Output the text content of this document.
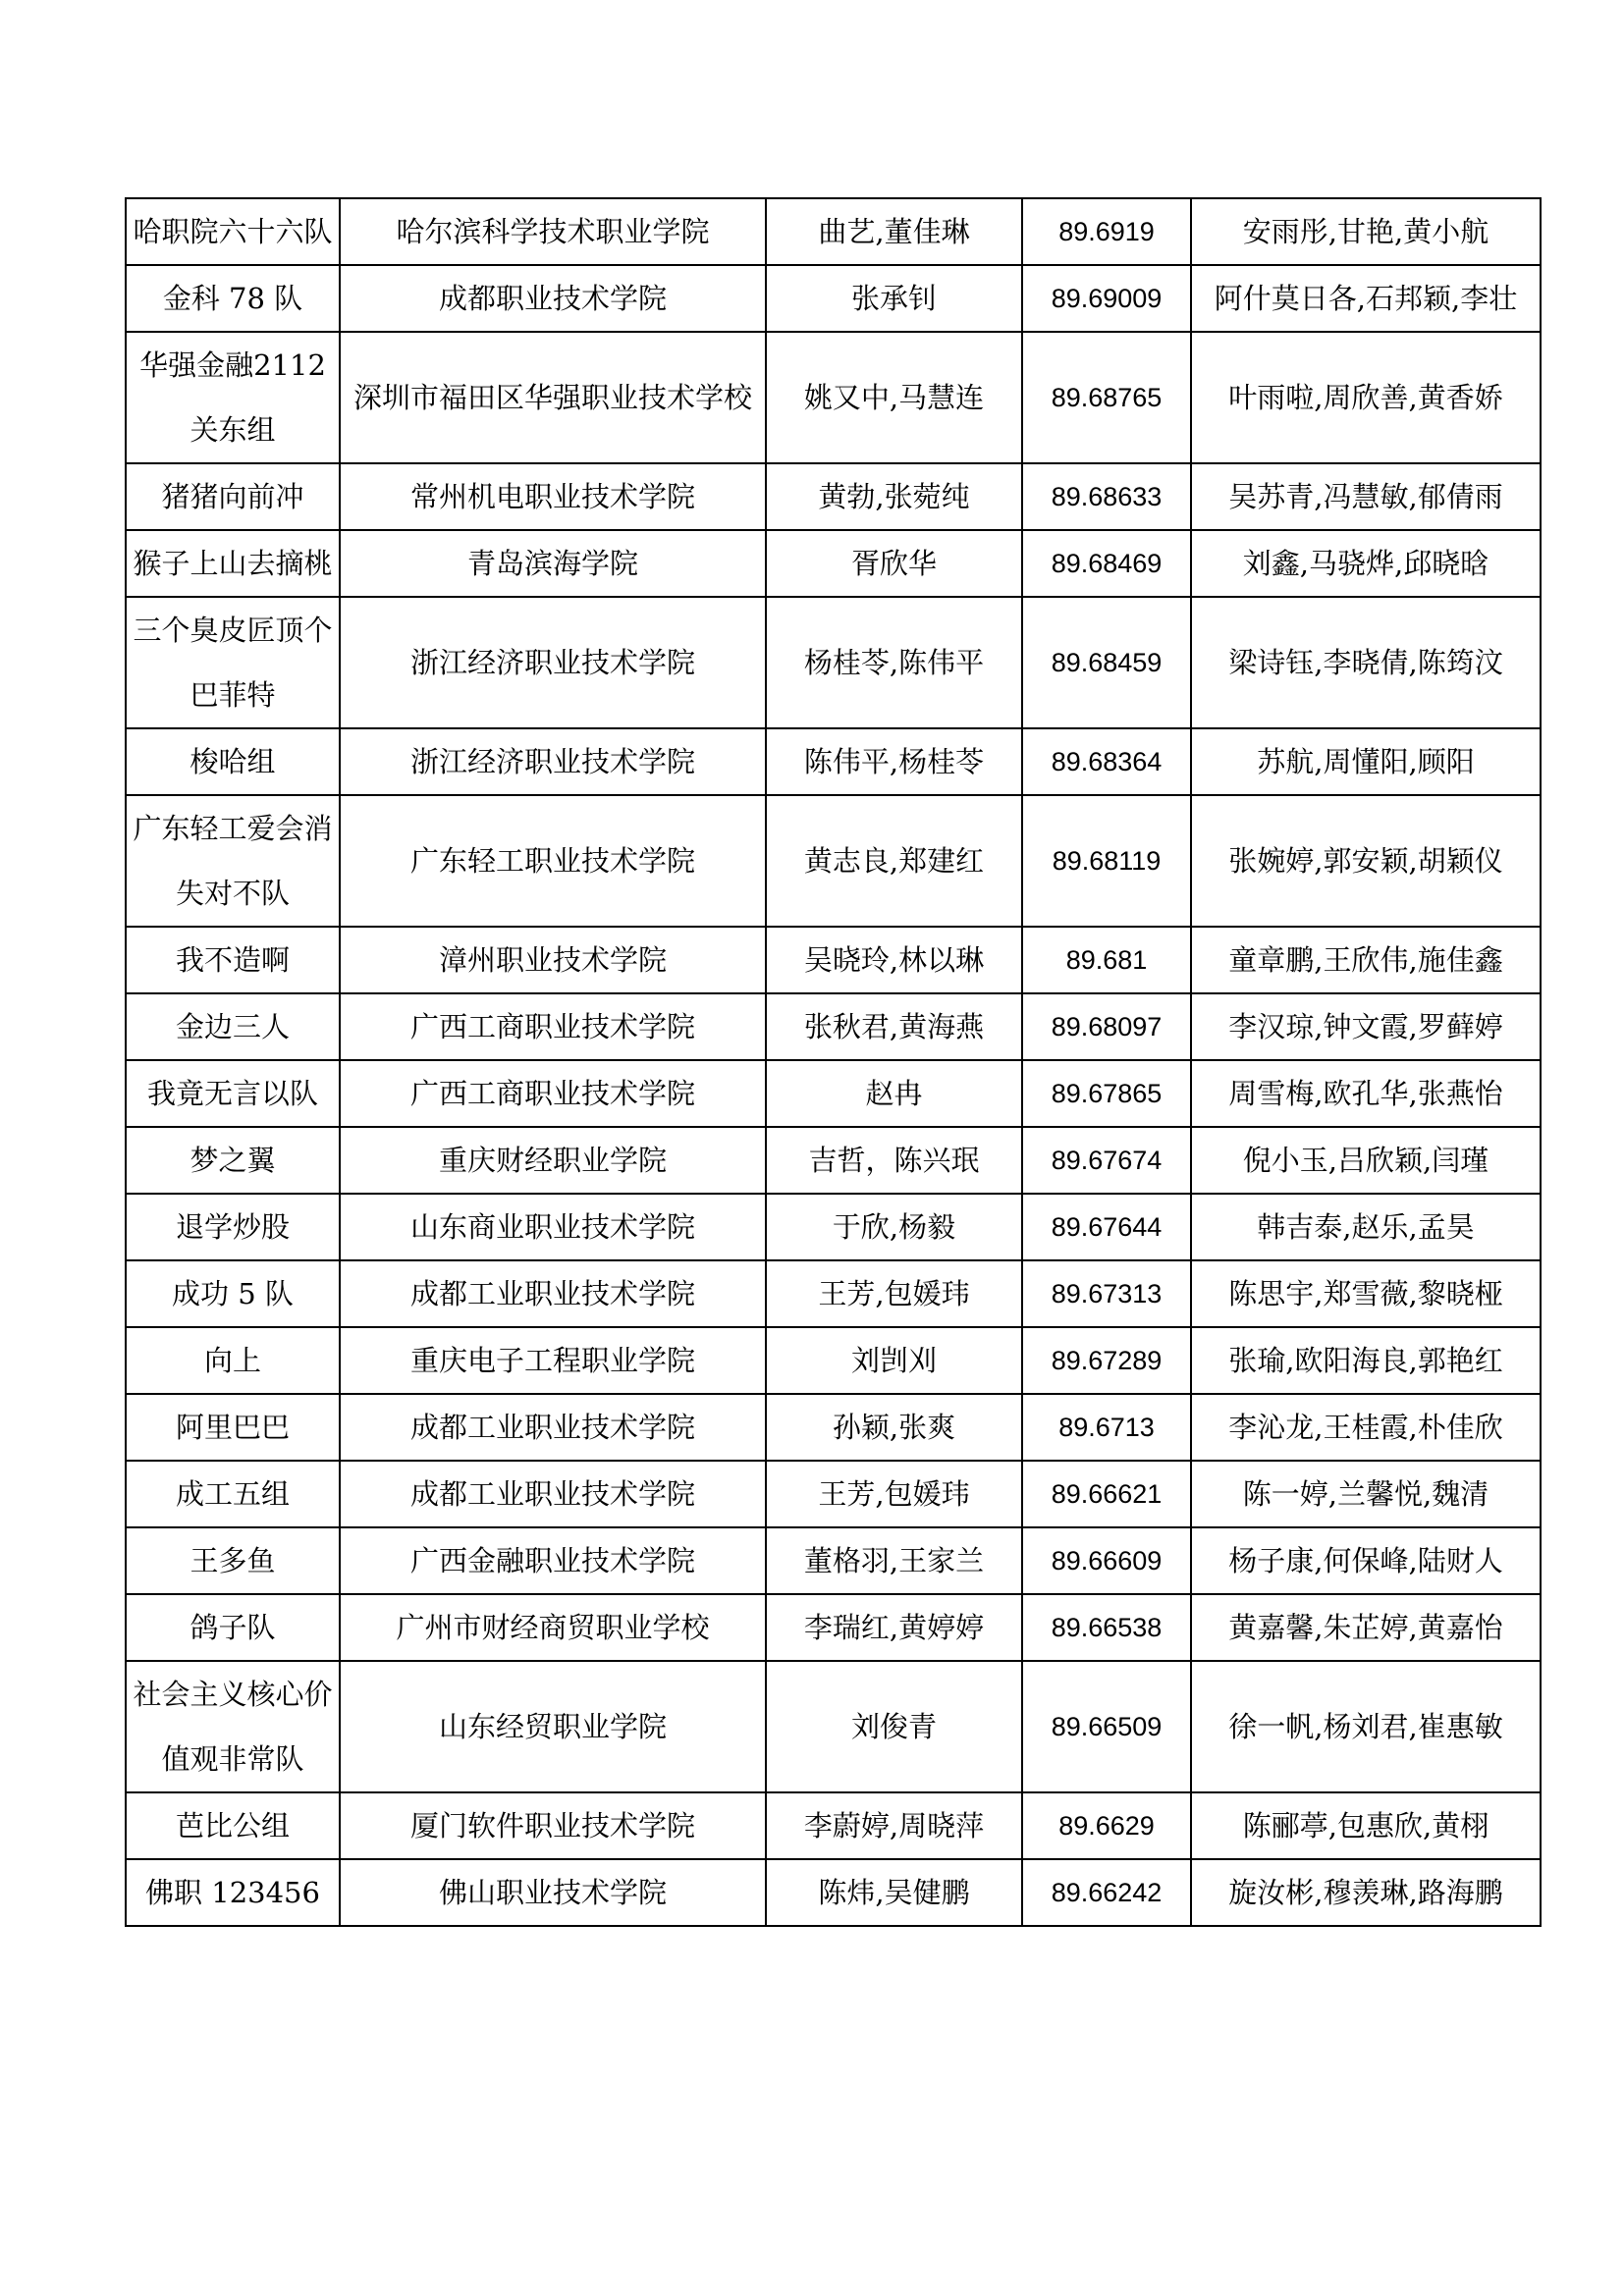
哈职院六十六队	哈尔滨科学技术职业学院	曲艺,董佳琳	89.6919	安雨彤,甘艳,黄小航
金科 78 队	成都职业技术学院	张承钊	89.69009	阿什莫日各,石邦颖,李壮
华强金融2112 关东组	深圳市福田区华强职业技术学校	姚又中,马慧连	89.68765	叶雨啦,周欣善,黄香娇
猪猪向前冲	常州机电职业技术学院	黄勃,张菀纯	89.68633	吴苏青,冯慧敏,郁倩雨
猴子上山去摘桃	青岛滨海学院	胥欣华	89.68469	刘鑫,马骁烨,邱晓晗
三个臭皮匠顶个巴菲特	浙江经济职业技术学院	杨桂苓,陈伟平	89.68459	梁诗钰,李晓倩,陈筠汶
梭哈组	浙江经济职业技术学院	陈伟平,杨桂苓	89.68364	苏航,周懂阳,顾阳
广东轻工爱会消失对不队	广东轻工职业技术学院	黄志良,郑建红	89.68119	张婉婷,郭安颖,胡颖仪
我不造啊	漳州职业技术学院	吴晓玲,林以琳	89.681	童章鹏,王欣伟,施佳鑫
金边三人	广西工商职业技术学院	张秋君,黄海燕	89.68097	李汉琼,钟文霞,罗藓婷
我竟无言以队	广西工商职业技术学院	赵冉	89.67865	周雪梅,欧孔华,张燕怡
梦之翼	重庆财经职业学院	吉哲，陈兴珉	89.67674	倪小玉,吕欣颖,闫瑾
退学炒股	山东商业职业技术学院	于欣,杨毅	89.67644	韩吉泰,赵乐,孟昊
成功 5 队	成都工业职业技术学院	王芳,包媛玮	89.67313	陈思宇,郑雪薇,黎晓桠
向上	重庆电子工程职业学院	刘剀刈	89.67289	张瑜,欧阳海良,郭艳红
阿里巴巴	成都工业职业技术学院	孙颖,张爽	89.6713	李沁龙,王桂霞,朴佳欣
成工五组	成都工业职业技术学院	王芳,包媛玮	89.66621	陈一婷,兰馨悦,魏清
王多鱼	广西金融职业技术学院	董格羽,王家兰	89.66609	杨子康,何保峰,陆财人
鸽子队	广州市财经商贸职业学校	李瑞红,黄婷婷	89.66538	黄嘉馨,朱芷婷,黄嘉怡
社会主义核心价值观非常队	山东经贸职业学院	刘俊青	89.66509	徐一帆,杨刘君,崔惠敏
芭比公组	厦门软件职业技术学院	李蔚婷,周晓萍	89.6629	陈郦葶,包惠欣,黄栩
佛职 123456	佛山职业技术学院	陈炜,吴健鹏	89.66242	旋汝彬,穆羡琳,路海鹏
